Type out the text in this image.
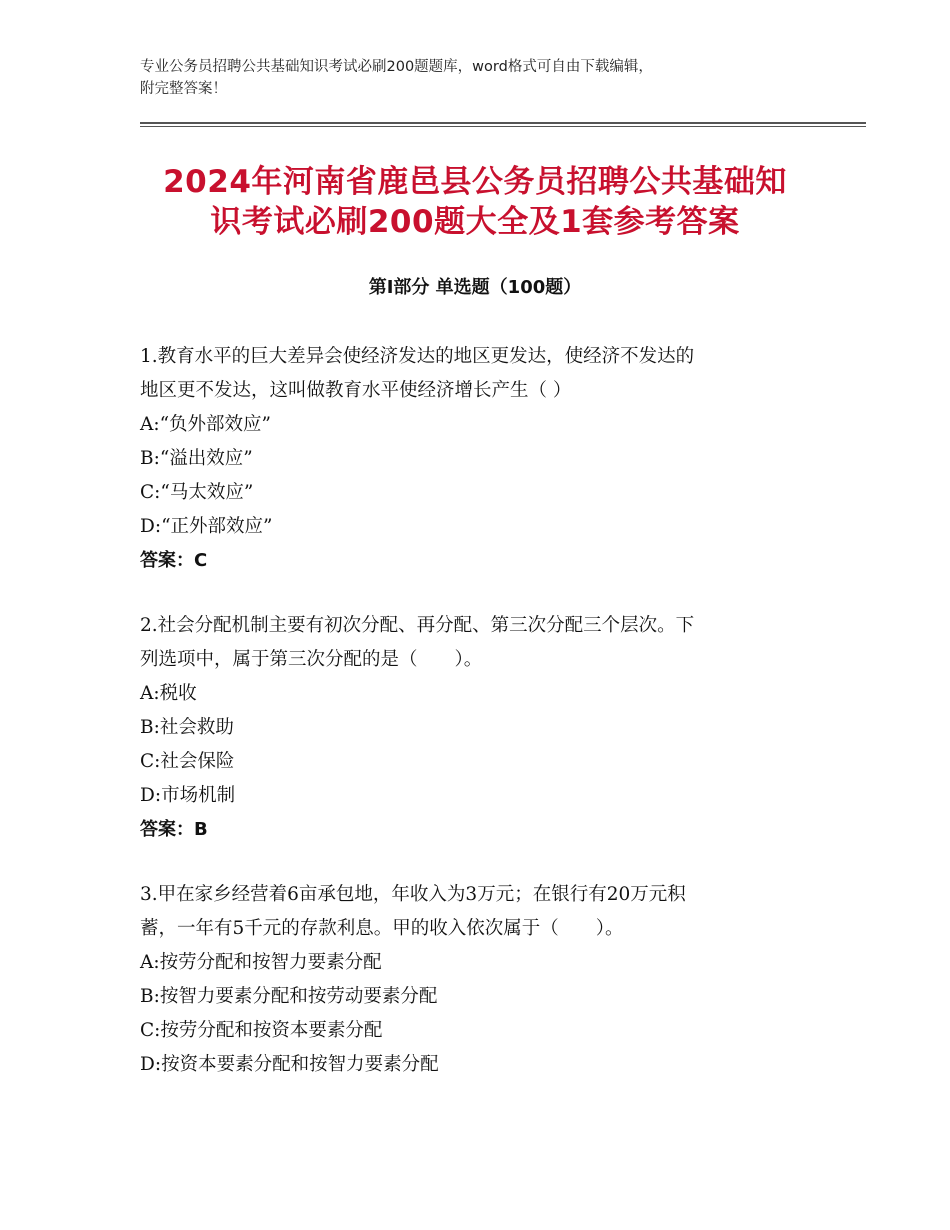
专业公务员招聘公共基础知识考试必刷200题题库，word格式可自由下载编辑，
附完整答案！
2024年河南省鹿邑县公务员招聘公共基础知
识考试必刷200题大全及1套参考答案
第I部分 单选题（100题）
1.教育水平的巨大差异会使经济发达的地区更发达，使经济不发达的
地区更不发达，这叫做教育水平使经济增长产生（ ）
A:“负外部效应”
B:“溢出效应”
C:“马太效应”
D:“正外部效应”
答案：C
2.社会分配机制主要有初次分配、再分配、第三次分配三个层次。下
列选项中，属于第三次分配的是（　　）。
A:税收
B:社会救助
C:社会保险
D:市场机制
答案：B
3.甲在家乡经营着6亩承包地，年收入为3万元；在银行有20万元积
蓄，一年有5千元的存款利息。甲的收入依次属于（　　）。
A:按劳分配和按智力要素分配
B:按智力要素分配和按劳动要素分配
C:按劳分配和按资本要素分配
D:按资本要素分配和按智力要素分配
